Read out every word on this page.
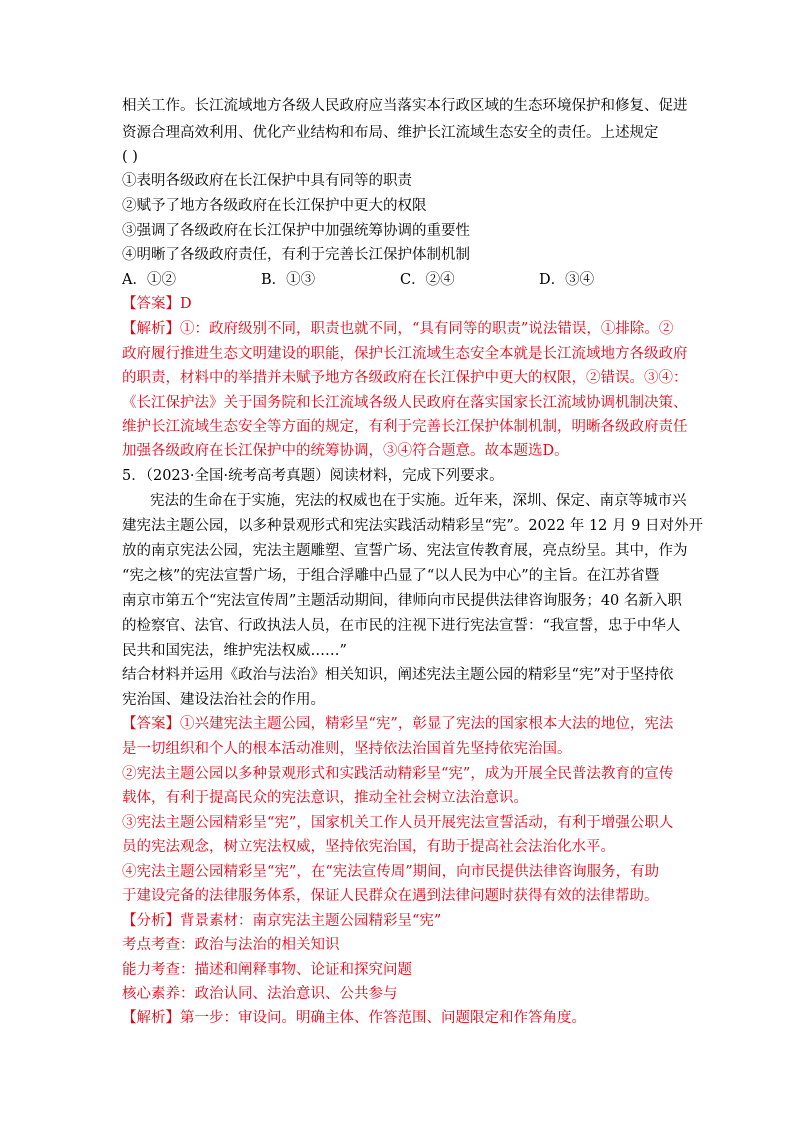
相关工作。长江流域地方各级人民政府应当落实本行政区域的生态环境保护和修复、促进
资源合理高效利用、优化产业结构和布局、维护长江流域生态安全的责任。上述规定
( )
①表明各级政府在长江保护中具有同等的职责
②赋予了地方各级政府在长江保护中更大的权限
③强调了各级政府在长江保护中加强统筹协调的重要性
④明晰了各级政府责任，有利于完善长江保护体制机制
A．①②	B．①③	C．②④	D．③④
【答案】D
【解析】①：政府级别不同，职责也就不同，“具有同等的职责”说法错误，①排除。②
政府履行推进生态文明建设的职能，保护长江流域生态安全本就是长江流域地方各级政府
的职责，材料中的举措并未赋予地方各级政府在长江保护中更大的权限，②错误。③④：
《长江保护法》关于国务院和长江流域各级人民政府在落实国家长江流域协调机制决策、
维护长江流域生态安全等方面的规定，有利于完善长江保护体制机制，明晰各级政府责任
加强各级政府在长江保护中的统筹协调，③④符合题意。故本题选D。
5．（2023·全国·统考高考真题）阅读材料，完成下列要求。
宪法的生命在于实施，宪法的权威也在于实施。近年来，深圳、保定、南京等城市兴
建宪法主题公园，以多种景观形式和宪法实践活动精彩呈“宪”。2022 年 12 月 9 日对外开
放的南京宪法公园，宪法主题雕塑、宣誓广场、宪法宣传教育展，亮点纷呈。其中，作为
“宪之核”的宪法宣誓广场，于组合浮雕中凸显了“以人民为中心”的主旨。在江苏省暨
南京市第五个“宪法宣传周”主题活动期间，律师向市民提供法律咨询服务；40 名新入职
的检察官、法官、行政执法人员，在市民的注视下进行宪法宣誓：“我宣誓，忠于中华人
民共和国宪法，维护宪法权威……”
结合材料并运用《政治与法治》相关知识，阐述宪法主题公园的精彩呈“宪”对于坚持依
宪治国、建设法治社会的作用。
【答案】①兴建宪法主题公园，精彩呈“宪”，彰显了宪法的国家根本大法的地位，宪法
是一切组织和个人的根本活动准则，坚持依法治国首先坚持依宪治国。
②宪法主题公园以多种景观形式和实践活动精彩呈“宪”，成为开展全民普法教育的宣传
载体，有利于提高民众的宪法意识，推动全社会树立法治意识。
③宪法主题公园精彩呈“宪”，国家机关工作人员开展宪法宣誓活动，有利于增强公职人
员的宪法观念，树立宪法权威，坚持依宪治国，有助于提高社会法治化水平。
④宪法主题公园精彩呈“宪”，在“宪法宣传周”期间，向市民提供法律咨询服务，有助
于建设完备的法律服务体系，保证人民群众在遇到法律问题时获得有效的法律帮助。
【分析】背景素材：南京宪法主题公园精彩呈“宪”
考点考查：政治与法治的相关知识
能力考查：描述和阐释事物、论证和探究问题
核心素养：政治认同、法治意识、公共参与
【解析】第一步：审设问。明确主体、作答范围、问题限定和作答角度。
